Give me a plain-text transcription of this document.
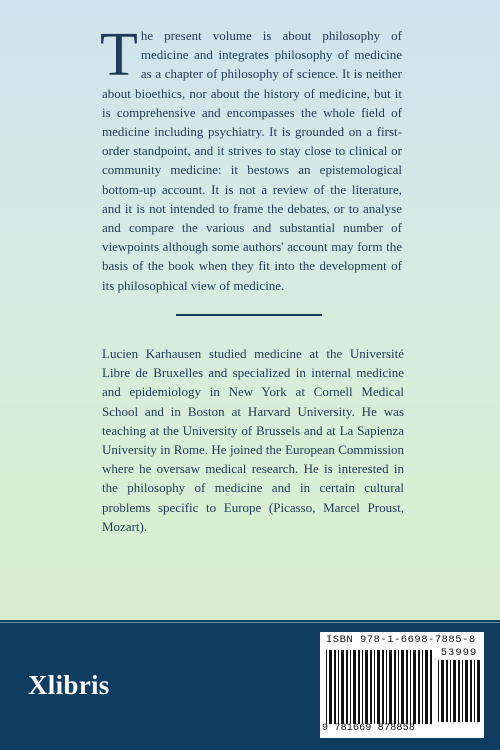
The present volume is about philosophy of medicine and integrates philosophy of medicine as a chapter of philosophy of science. It is neither about bioethics, nor about the history of medicine, but it is comprehensive and encompasses the whole field of medicine including psychiatry. It is grounded on a first-order standpoint, and it strives to stay close to clinical or community medicine: it bestows an epistemological bottom-up account. It is not a review of the literature, and it is not intended to frame the debates, or to analyse and compare the various and substantial number of viewpoints although some authors' account may form the basis of the book when they fit into the development of its philosophical view of medicine.
Lucien Karhausen studied medicine at the Université Libre de Bruxelles and specialized in internal medicine and epidemiology in New York at Cornell Medical School and in Boston at Harvard University. He was teaching at the University of Brussels and at La Sapienza University in Rome. He joined the European Commission where he oversaw medical research. He is interested in the philosophy of medicine and in certain cultural problems specific to Europe (Picasso, Marcel Proust, Mozart).
Xlibris
ISBN 978-1-6698-7885-8
53999
9 781669 878858
